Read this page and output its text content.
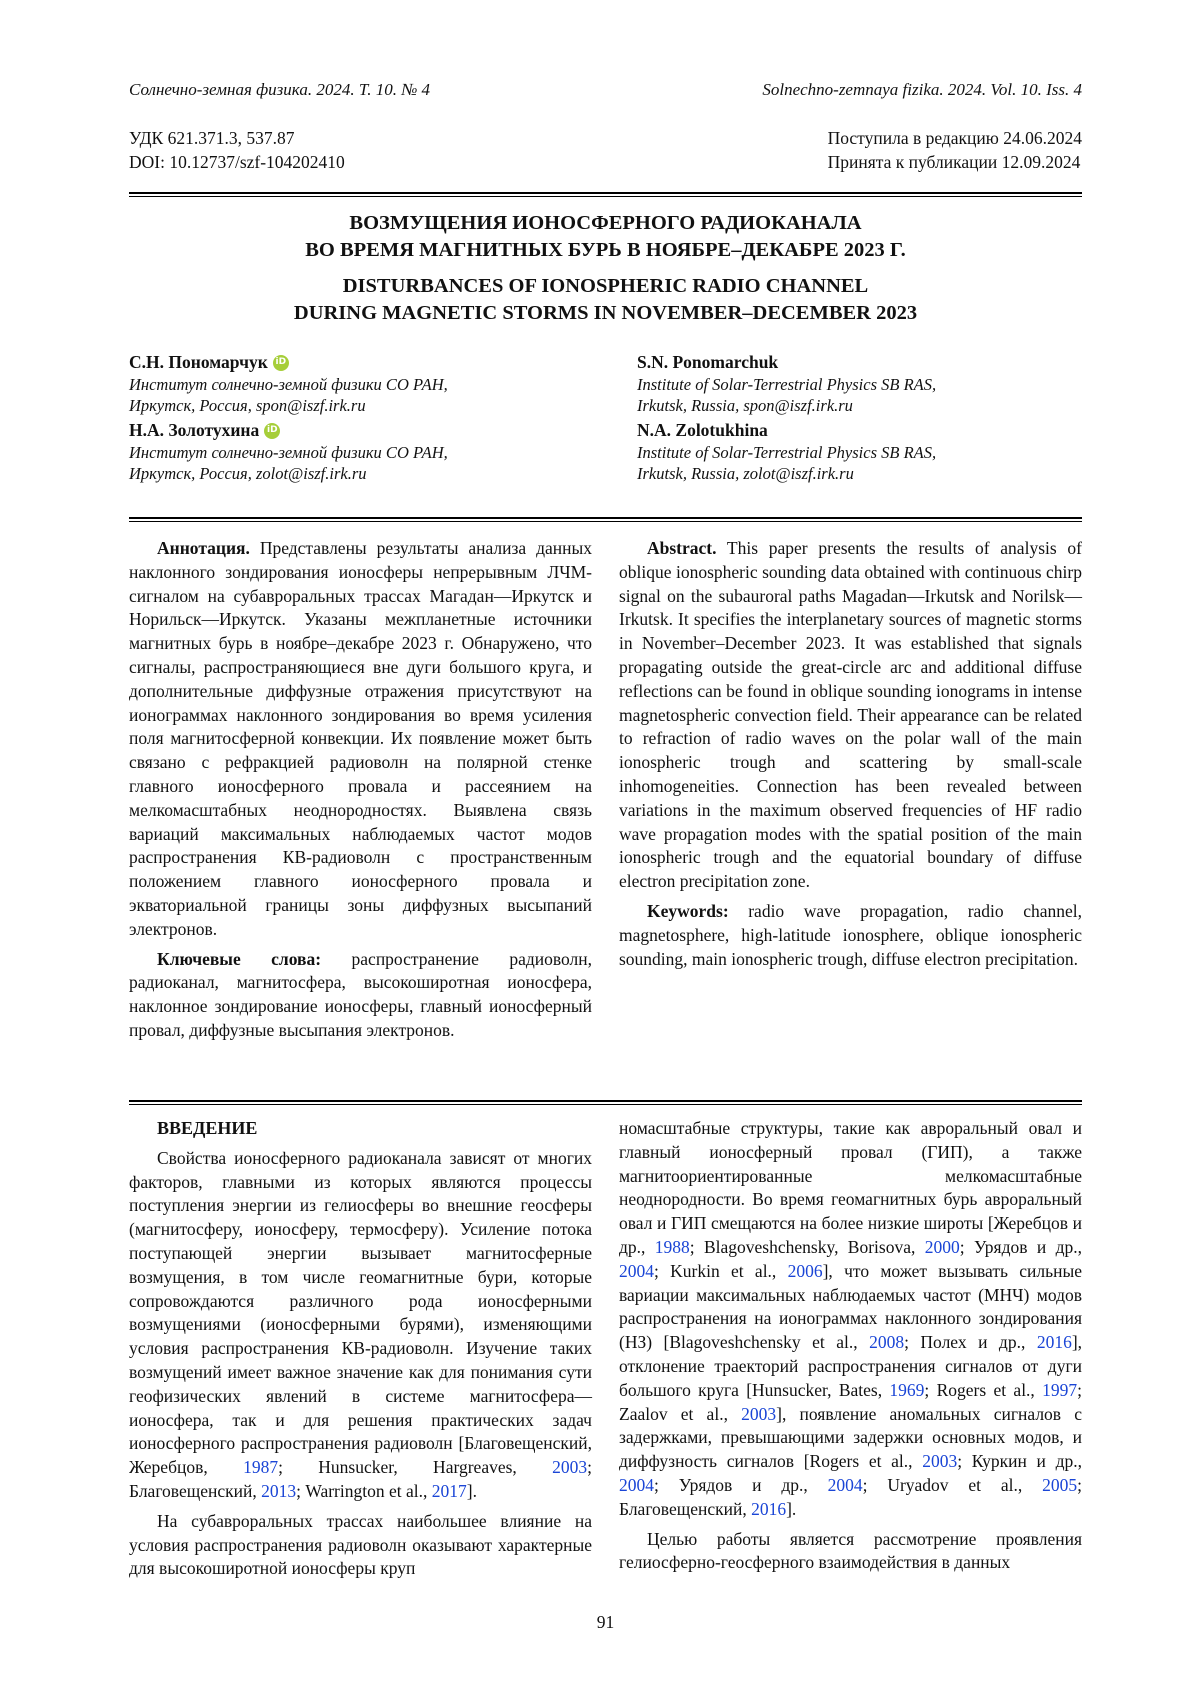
Солнечно-земная физика. 2024. Т. 10. № 4	Solnechno-zemnaya fizika. 2024. Vol. 10. Iss. 4
УДК 621.371.3, 537.87
DOI: 10.12737/szf-104202410
Поступила в редакцию 24.06.2024
Принята к публикации 12.09.2024
ВОЗМУЩЕНИЯ ИОНОСФЕРНОГО РАДИОКАНАЛА
ВО ВРЕМЯ МАГНИТНЫХ БУРЬ В НОЯБРЕ–ДЕКАБРЕ 2023 Г.
DISTURBANCES OF IONOSPHERIC RADIO CHANNEL
DURING MAGNETIC STORMS IN NOVEMBER–DECEMBER 2023
С.Н. Пономарчук iD
Институт солнечно-земной физики СО РАН,
Иркутск, Россия, spon@iszf.irk.ru
Н.А. Золотухина iD
Институт солнечно-земной физики СО РАН,
Иркутск, Россия, zolot@iszf.irk.ru
S.N. Ponomarchuk
Institute of Solar-Terrestrial Physics SB RAS,
Irkutsk, Russia, spon@iszf.irk.ru
N.A. Zolotukhina
Institute of Solar-Terrestrial Physics SB RAS,
Irkutsk, Russia, zolot@iszf.irk.ru

Аннотация. Представлены результаты анализа данных наклонного зондирования ионосферы непрерывным ЛЧМ-сигналом на субавроральных трассах Магадан—Иркутск и Норильск—Иркутск. Указаны межпланетные источники магнитных бурь в ноябре–декабре 2023 г. Обнаружено, что сигналы, распространяющиеся вне дуги большого круга, и дополнительные диффузные отражения присутствуют на ионограммах наклонного зондирования во время усиления поля магнитосферной конвекции. Их появление может быть связано с рефракцией радиоволн на полярной стенке главного ионосферного провала и рассеянием на мелкомасштабных неоднородностях. Выявлена связь вариаций максимальных наблюдаемых частот модов распространения КВ-радиоволн с пространственным положением главного ионосферного провала и экваториальной границы зоны диффузных высыпаний электронов.

Ключевые слова: распространение радиоволн, радиоканал, магнитосфера, высокоширотная ионосфера, наклонное зондирование ионосферы, главный ионосферный провал, диффузные высыпания электронов.

Abstract. This paper presents the results of analysis of oblique ionospheric sounding data obtained with continuous chirp signal on the subauroral paths Magadan—Irkutsk and Norilsk—Irkutsk. It specifies the interplanetary sources of magnetic storms in November–December 2023. It was established that signals propagating outside the great-circle arc and additional diffuse reflections can be found in oblique sounding ionograms in intense magnetospheric convection field. Their appearance can be related to refraction of radio waves on the polar wall of the main ionospheric trough and scattering by small-scale inhomogeneities. Connection has been revealed between variations in the maximum observed frequencies of HF radio wave propagation modes with the spatial position of the main ionospheric trough and the equatorial boundary of diffuse electron precipitation zone.

Keywords: radio wave propagation, radio channel, magnetosphere, high-latitude ionosphere, oblique ionospheric sounding, main ionospheric trough, diffuse electron precipitation.

ВВЕДЕНИЕ

Свойства ионосферного радиоканала зависят от многих факторов, главными из которых являются процессы поступления энергии из гелиосферы во внешние геосферы (магнитосферу, ионосферу, термосферу). Усиление потока поступающей энергии вызывает магнитосферные возмущения, в том числе геомагнитные бури, которые сопровождаются различного рода ионосферными возмущениями (ионосферными бурями), изменяющими условия распространения КВ-радиоволн. Изучение таких возмущений имеет важное значение как для понимания сути геофизических явлений в системе магнитосфера—ионосфера, так и для решения практических задач ионосферного распространения радиоволн [Благовещенский, Жеребцов, 1987; Hunsucker, Hargreaves, 2003; Благовещенский, 2013; Warrington et al., 2017].

На субавроральных трассах наибольшее влияние на условия распространения радиоволн оказывают характерные для высокоширотной ионосферы круп

номасштабные структуры, такие как авроральный овал и главный ионосферный провал (ГИП), а также магнитоориентированные мелкомасштабные неоднородности. Во время геомагнитных бурь авроральный овал и ГИП смещаются на более низкие широты [Жеребцов и др., 1988; Blagoveshchensky, Borisova, 2000; Урядов и др., 2004; Kurkin et al., 2006], что может вызывать сильные вариации максимальных наблюдаемых частот (МНЧ) модов распространения на ионограммах наклонного зондирования (НЗ) [Blagoveshchensky et al., 2008; Полех и др., 2016], отклонение траекторий распространения сигналов от дуги большого круга [Hunsucker, Bates, 1969; Rogers et al., 1997; Zaalov et al., 2003], появление аномальных сигналов с задержками, превышающими задержки основных модов, и диффузность сигналов [Rogers et al., 2003; Куркин и др., 2004; Урядов и др., 2004; Uryadov et al., 2005; Благовещенский, 2016].

Целью работы является рассмотрение проявления гелиосферно-геосферного взаимодействия в данных

91
